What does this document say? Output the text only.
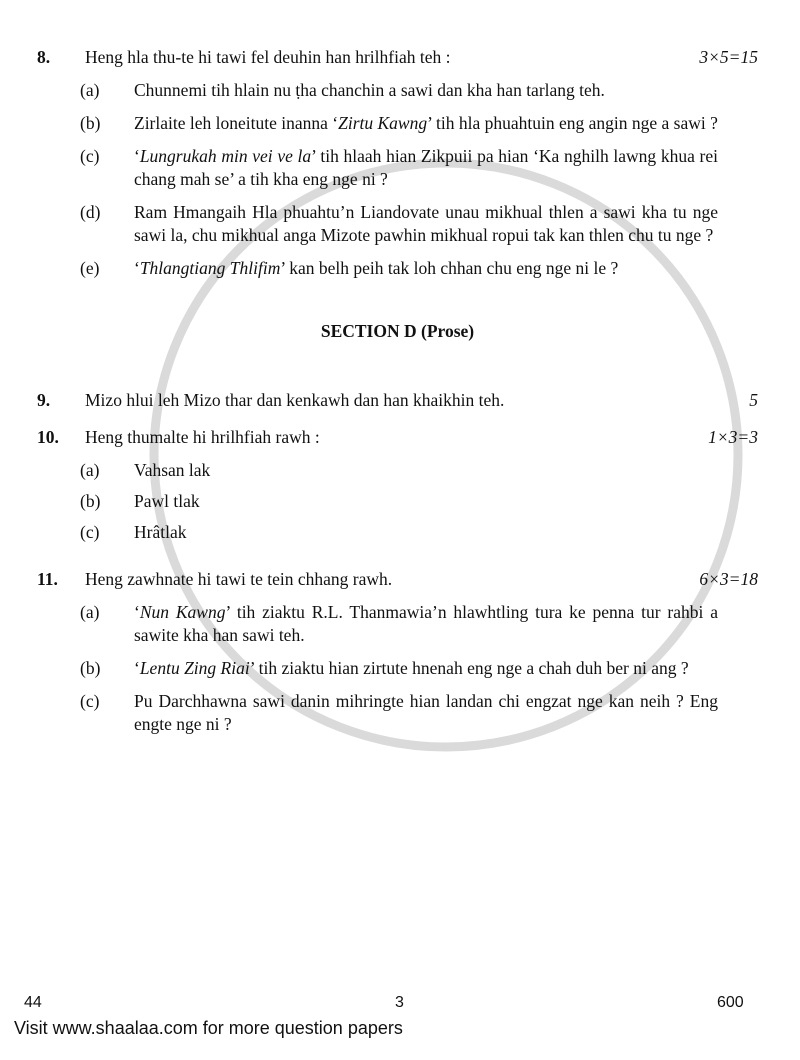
8.	Heng hla thu-te hi tawi fel deuhin han hrilhfiah teh :	3×5=15
(a)	Chunnemi tih hlain nu ṭha chanchin a sawi dan kha han tarlang teh.
(b)	Zirlaite leh loneitute inanna ‘Zirtu Kawng’ tih hla phuahtuin eng angin nge a sawi ?
(c)	‘Lungrukah min vei ve la’ tih hlaah hian Zikpuii pa hian ‘Ka nghilh lawng khua rei chang mah se’ a tih kha eng nge ni ?
(d)	Ram Hmangaih Hla phuahtu’n Liandovate unau mikhual thlen a sawi kha tu nge sawi la, chu mikhual anga Mizote pawhin mikhual ropui tak kan thlen chu tu nge ?
(e)	‘Thlangtiang Thlifim’ kan belh peih tak loh chhan chu eng nge ni le ?
SECTION D (Prose)
9.	Mizo hlui leh Mizo thar dan kenkawh dan han khaikhin teh.	5
10.	Heng thumalte hi hrilhfiah rawh :	1×3=3
(a)	Vahsan lak
(b)	Pawl tlak
(c)	Hrâtlak
11.	Heng zawhnate hi tawi te tein chhang rawh.	6×3=18
(a)	‘Nun Kawng’ tih ziaktu R.L. Thanmawia’n hlawhtling tura ke penna tur rahbi a sawite kha han sawi teh.
(b)	‘Lentu Zing Riai’ tih ziaktu hian zirtute hnenah eng nge a chah duh ber ni ang ?
(c)	Pu Darchhawna sawi danin mihringte hian landan chi engzat nge kan neih ? Eng engte nge ni ?
44	3	600
Visit www.shaalaa.com for more question papers
